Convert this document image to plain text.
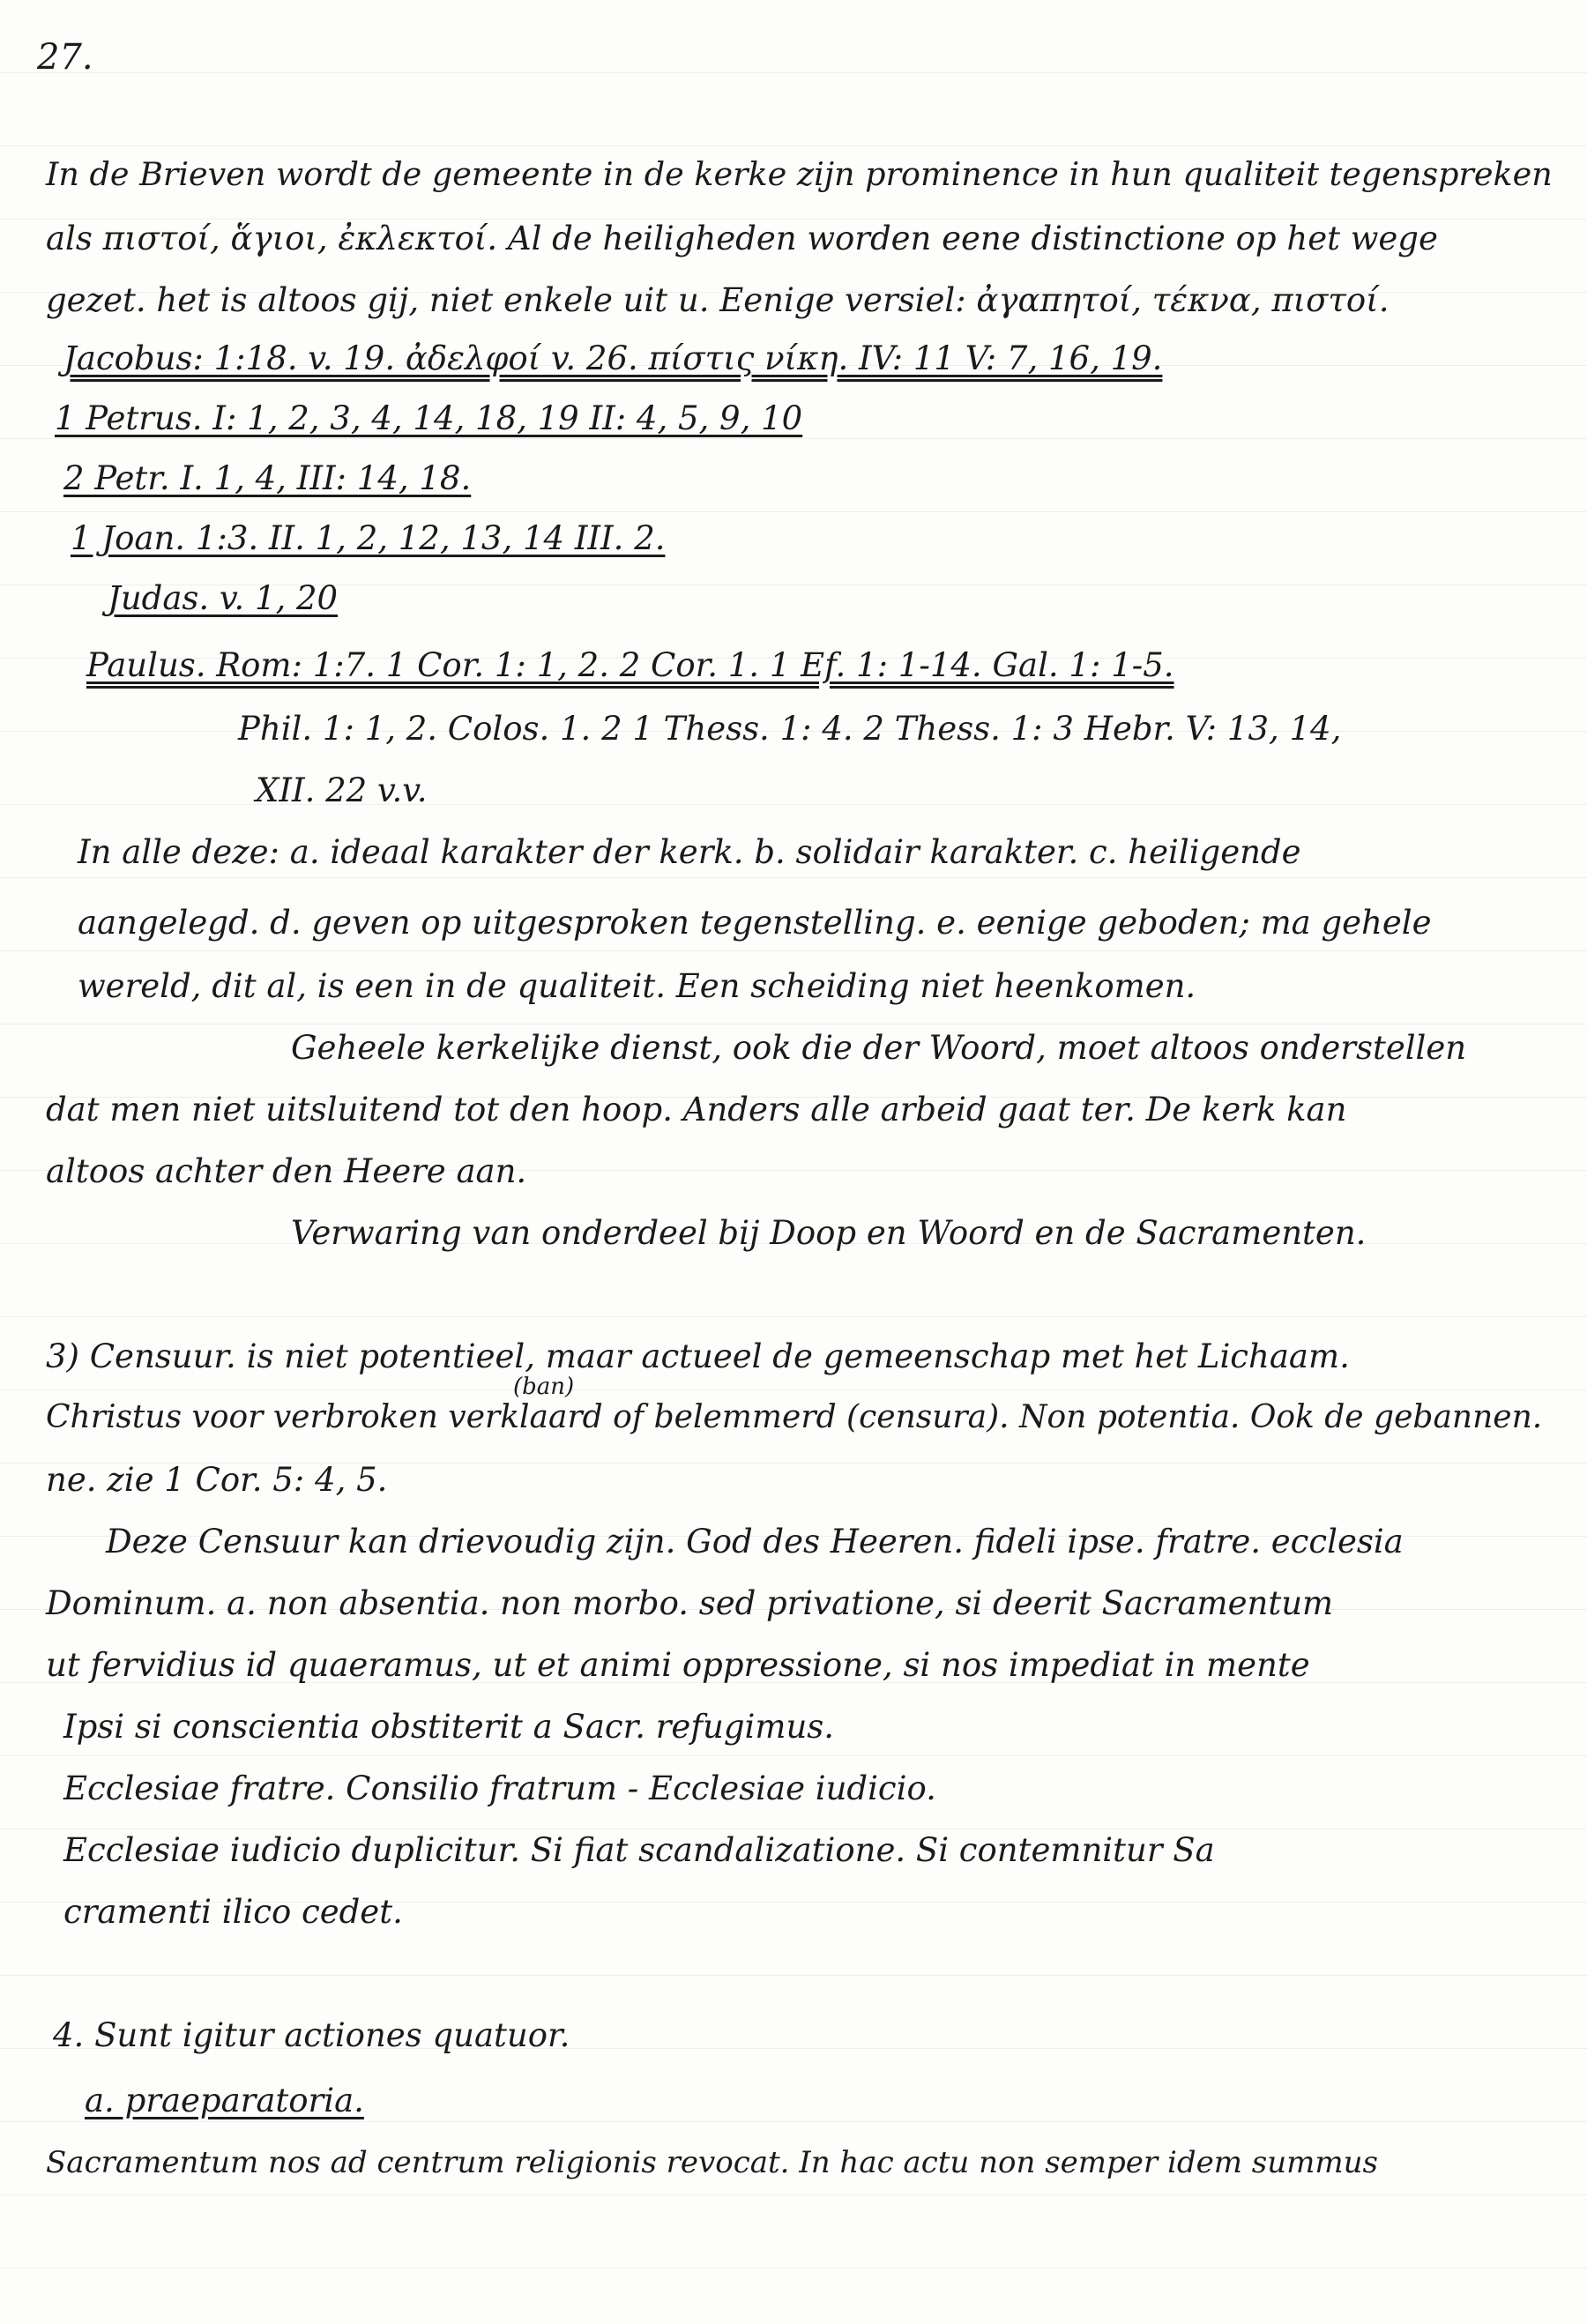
27.
In de Brieven wordt de gemeente in de kerke zijn prominence in hun qualiteit tegenspreken
als πιστοί, ἅγιοι, ἐκλεκτοί. Al de heiligheden worden eene distinctione op het wege
gezet. het is altoos gij, niet enkele uit u. Eenige versiel: ἀγαπητοί, τέκνα, πιστοί.
Jacobus: 1:18. v. 19. ἀδελφοί v. 26. πίστις νίκη. IV: 11 V: 7, 16, 19.
1 Petrus. I: 1, 2, 3, 4, 14, 18, 19 II: 4, 5, 9, 10
2 Petr. I. 1, 4, III: 14, 18.
1 Joan. 1:3. II. 1, 2, 12, 13, 14 III. 2.
Judas. v. 1, 20
Paulus. Rom: 1:7. 1 Cor. 1: 1, 2. 2 Cor. 1. 1 Ef. 1: 1-14. Gal. 1: 1-5.
Phil. 1: 1, 2. Colos. 1. 2 1 Thess. 1: 4. 2 Thess. 1: 3 Hebr. V: 13, 14,
XII. 22 v.v.
In alle deze: a. ideaal karakter der kerk. b. solidair karakter. c. heiligende
aangelegd. d. geven op uitgesproken tegenstelling. e. eenige geboden; ma gehele
wereld, dit al, is een in de qualiteit. Een scheiding niet heenkomen.
Geheele kerkelijke dienst, ook die der Woord, moet altoos onderstellen
dat men niet uitsluitend tot den hoop. Anders alle arbeid gaat ter. De kerk kan
altoos achter den Heere aan.
Verwaring van onderdeel bij Doop en Woord en de Sacramenten.
3) Censuur. is niet potentieel, maar actueel de gemeenschap met het Lichaam.
(ban)
Christus voor verbroken verklaard of belemmerd (censura). Non potentia. Ook de gebannen.
ne. zie 1 Cor. 5: 4, 5.
Deze Censuur kan drievoudig zijn. God des Heeren. fideli ipse. fratre. ecclesia
Dominum. a. non absentia. non morbo. sed privatione, si deerit Sacramentum
ut fervidius id quaeramus, ut et animi oppressione, si nos impediat in mente
Ipsi si conscientia obstiterit a Sacr. refugimus.
Ecclesiae fratre. Consilio fratrum - Ecclesiae iudicio.
Ecclesiae iudicio duplicitur. Si fiat scandalizatione. Si contemnitur Sa
cramenti ilico cedet.
4. Sunt igitur actiones quatuor.
a. praeparatoria.
Sacramentum nos ad centrum religionis revocat. In hac actu non semper idem summus
